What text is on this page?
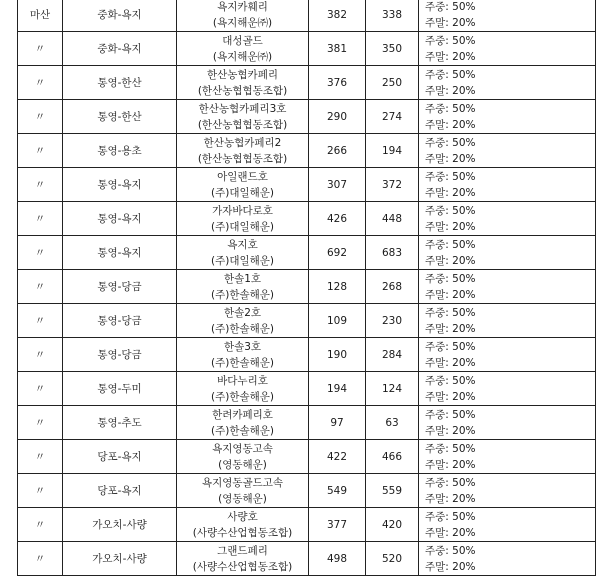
마산	중화-욕지	욕지카훼리
(욕지해운㈜)	382	338	주중: 50%
주말: 20%

〃	중화-욕지	대성골드
(욕지해운㈜)	381	350	주중: 50%
주말: 20%

〃	통영-한산	한산농협카페리
(한산농협협동조합)	376	250	주중: 50%
주말: 20%

〃	통영-한산	한산농협카페리3호
(한산농협협동조합)	290	274	주중: 50%
주말: 20%

〃	통영-용초	한산농협카페리2
(한산농협협동조합)	266	194	주중: 50%
주말: 20%

〃	통영-욕지	아일랜드호
(주)대일해운)	307	372	주중: 50%
주말: 20%

〃	통영-욕지	가자바다로호
(주)대일해운)	426	448	주중: 50%
주말: 20%

〃	통영-욕지	욕지호
(주)대일해운)	692	683	주중: 50%
주말: 20%

〃	통영-당금	한솔1호
(주)한솔해운)	128	268	주중: 50%
주말: 20%

〃	통영-당금	한솔2호
(주)한솔해운)	109	230	주중: 50%
주말: 20%

〃	통영-당금	한솔3호
(주)한솔해운)	190	284	주중: 50%
주말: 20%

〃	통영-두미	바다누리호
(주)한솔해운)	194	124	주중: 50%
주말: 20%

〃	통영-추도	한려카페리호
(주)한솔해운)	97	63	주중: 50%
주말: 20%

〃	당포-욕지	욕지영동고속
(영동해운)	422	466	주중: 50%
주말: 20%

〃	당포-욕지	욕지영동골드고속
(영동해운)	549	559	주중: 50%
주말: 20%

〃	가오치-사량	사량호
(사량수산업협동조합)	377	420	주중: 50%
주말: 20%

〃	가오치-사량	그랜드페리
(사량수산업협동조합)	498	520	주중: 50%
주말: 20%
